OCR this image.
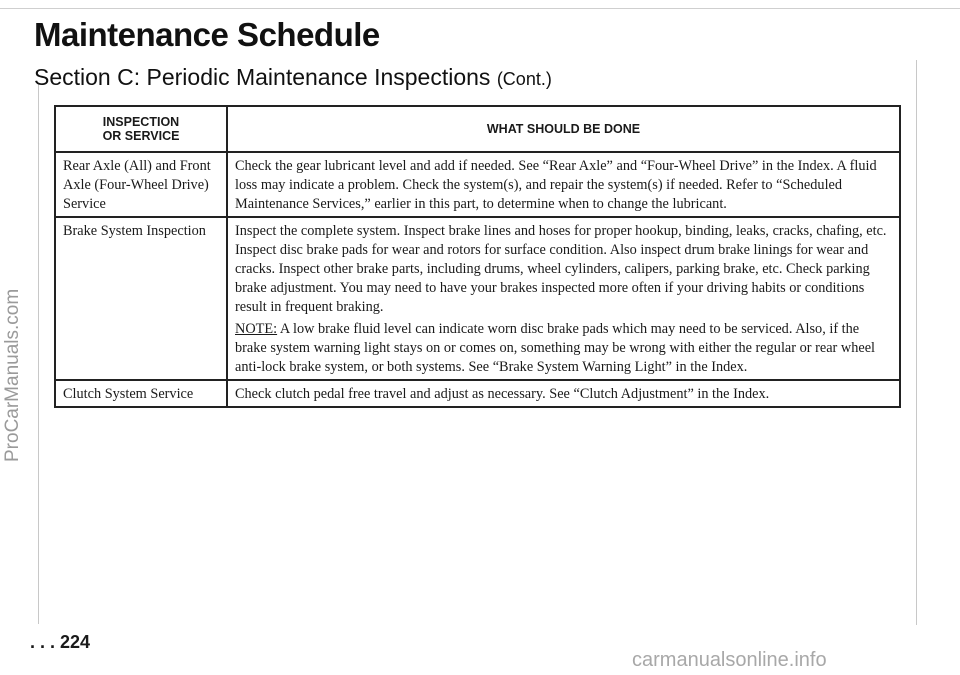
Maintenance Schedule
Section C: Periodic Maintenance Inspections (Cont.)
INSPECTION
OR SERVICE	WHAT SHOULD BE DONE
Rear Axle (All) and Front Axle (Four-Wheel Drive) Service	Check the gear lubricant level and add if needed. See “Rear Axle” and “Four-Wheel Drive” in the Index. A fluid loss may indicate a problem. Check the system(s), and repair the system(s) if needed. Refer to “Scheduled Maintenance Services,” earlier in this part, to determine when to change the lubricant.
Brake System Inspection	Inspect the complete system. Inspect brake lines and hoses for proper hookup, binding, leaks, cracks, chafing, etc. Inspect disc brake pads for wear and rotors for surface condition. Also inspect drum brake linings for wear and cracks. Inspect other brake parts, including drums, wheel cylinders, calipers, parking brake, etc. Check parking brake adjustment. You may need to have your brakes inspected more often if your driving habits or conditions result in frequent braking.
NOTE: A low brake fluid level can indicate worn disc brake pads which may need to be serviced. Also, if the brake system warning light stays on or comes on, something may be wrong with either the regular or rear wheel anti-lock brake system, or both systems. See “Brake System Warning Light” in the Index.

Clutch System Service	Check clutch pedal free travel and adjust as necessary. See “Clutch Adjustment” in the Index.
. . . 224
ProCarManuals.com
carmanualsonline.info
